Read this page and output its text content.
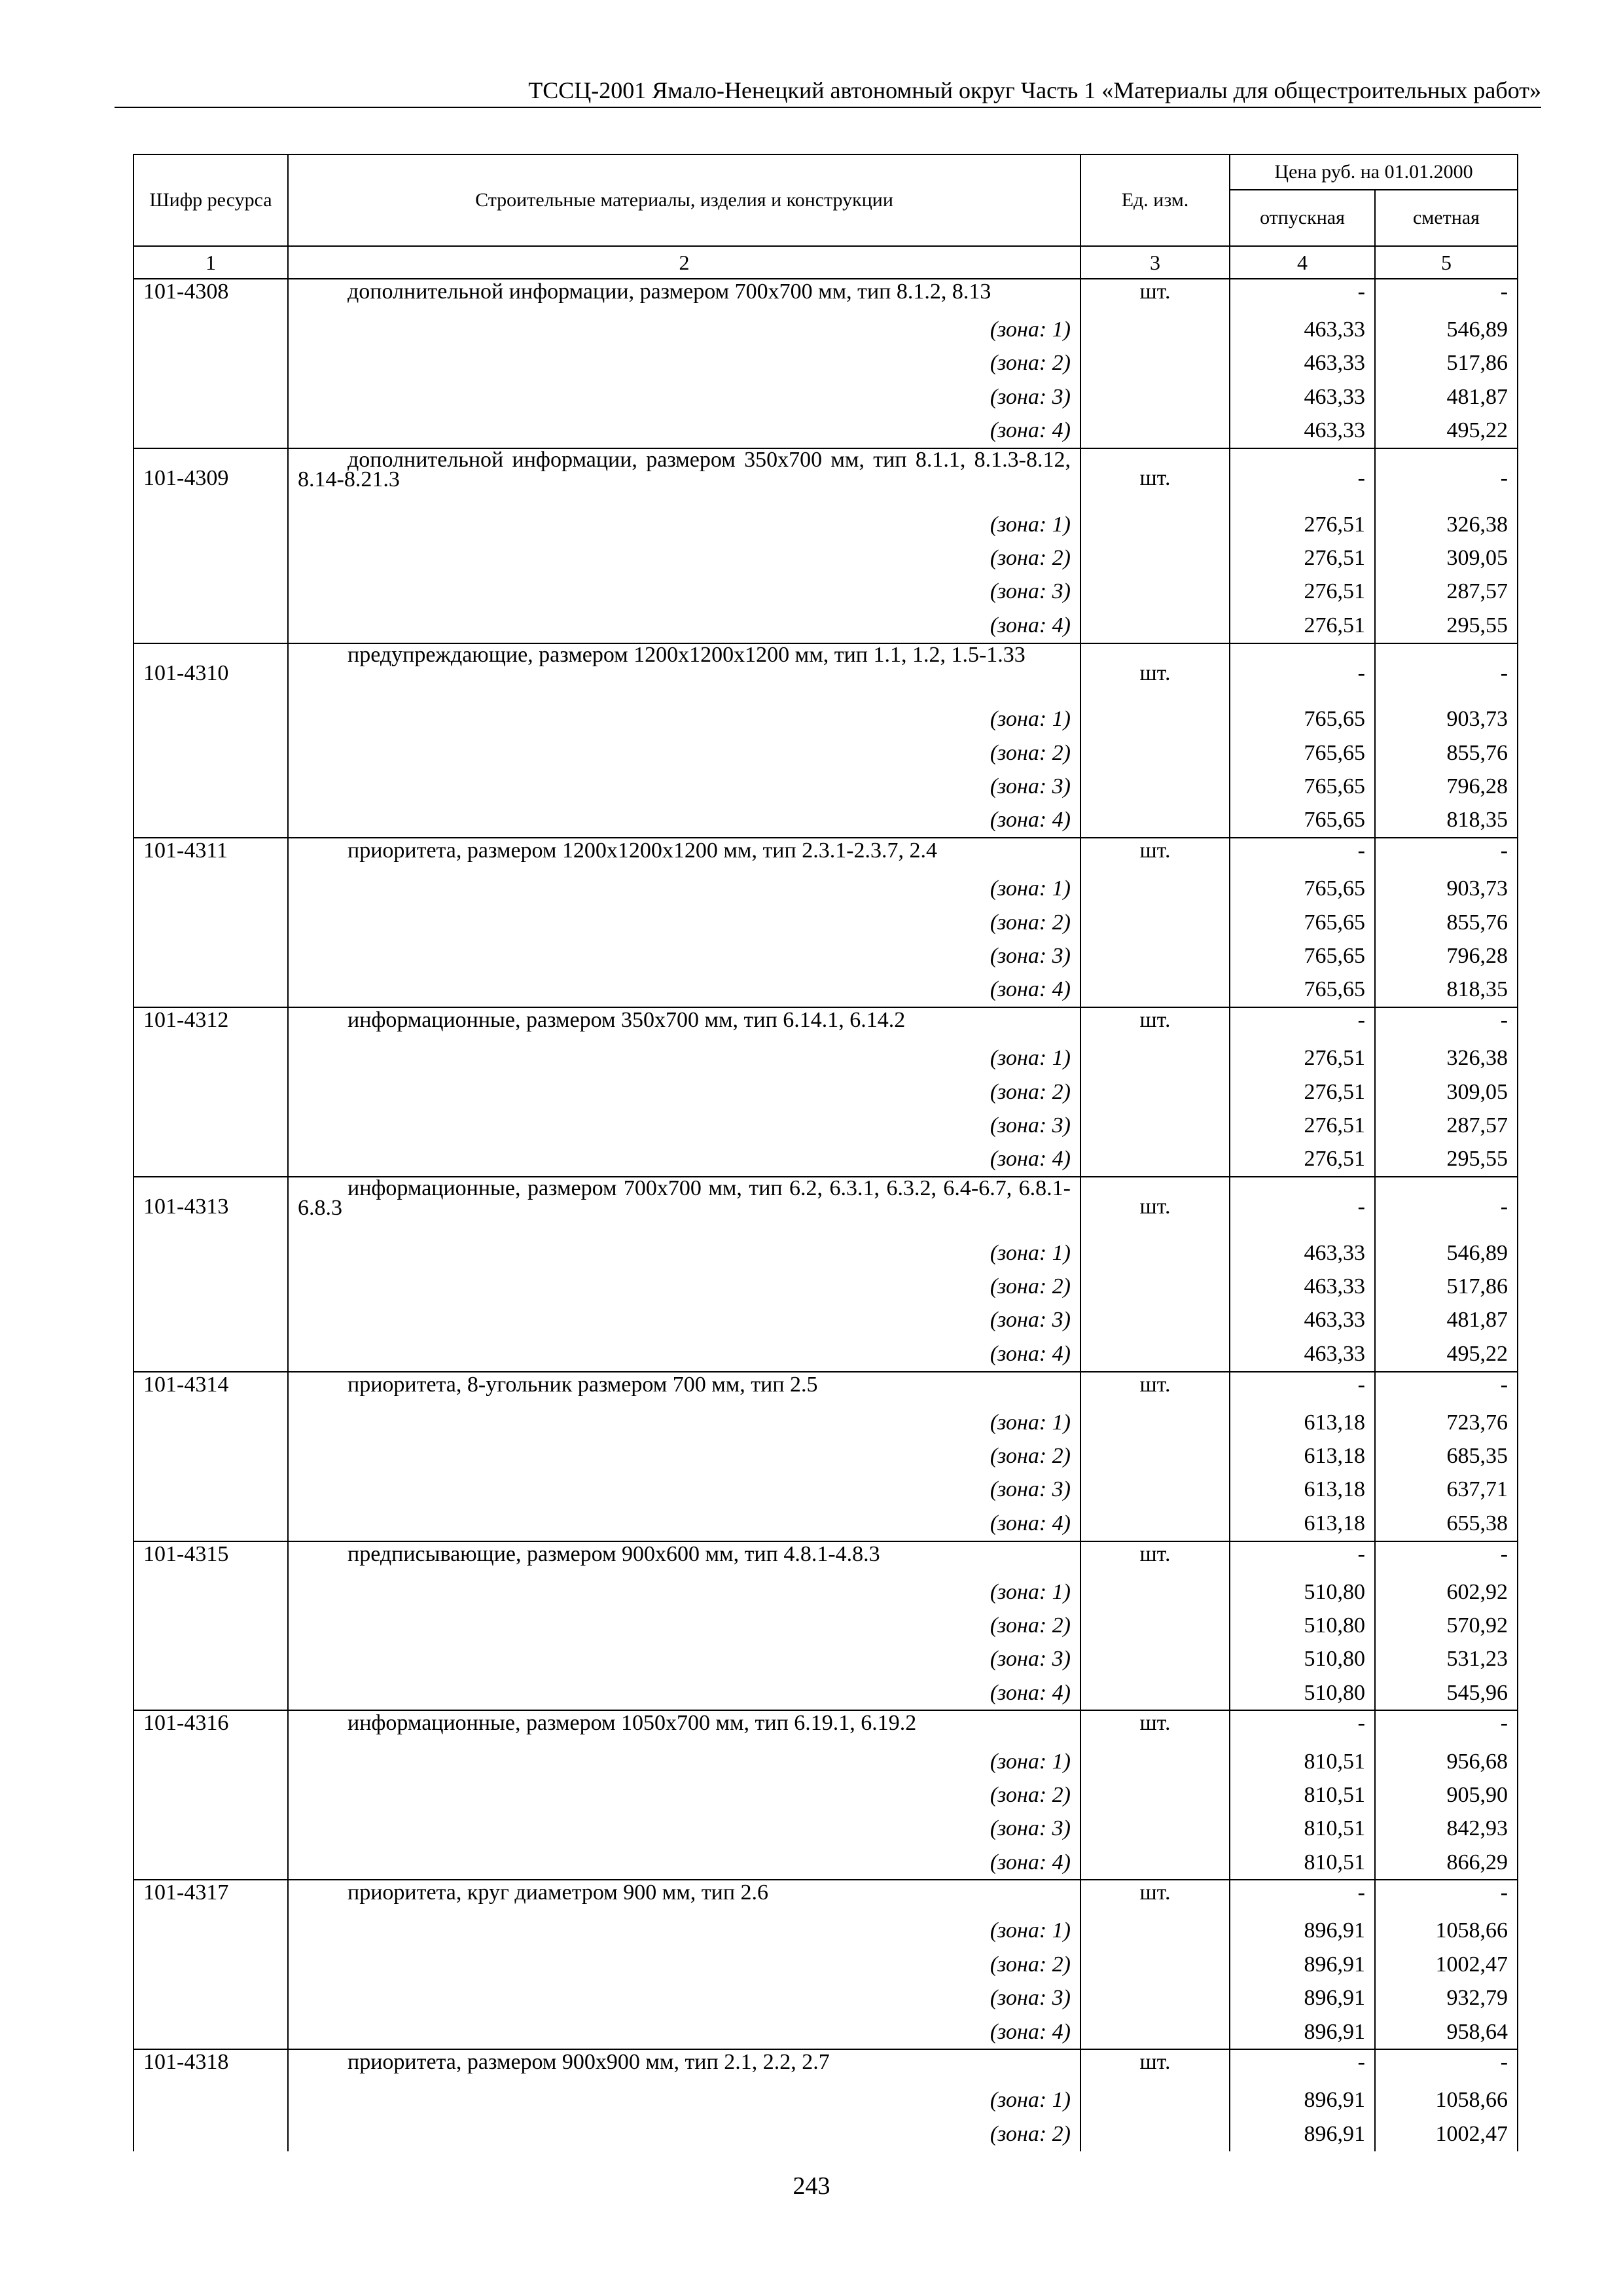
ТССЦ-2001 Ямало-Ненецкий автономный округ Часть 1 «Материалы для общестроительных работ»
Шифр ресурса	Строительные материалы, изделия и конструкции	Ед. изм.	Цена руб. на 01.01.2000	
			отпускная	сметная
1	2	3	4	5
101-4308	дополнительной информации, размером 700х700 мм, тип 8.1.2, 8.13	шт.	-	-
	(зона: 1)		463,33	546,89
	(зона: 2)		463,33	517,86
	(зона: 3)		463,33	481,87
	(зона: 4)		463,33	495,22
101-4309	дополнительной информации, размером 350х700 мм, тип 8.1.1, 8.1.3-8.12, 8.14-8.21.3	шт.	-	-
	(зона: 1)		276,51	326,38
	(зона: 2)		276,51	309,05
	(зона: 3)		276,51	287,57
	(зона: 4)		276,51	295,55
101-4310	предупреждающие, размером 1200х1200х1200 мм, тип 1.1, 1.2, 1.5-1.33	шт.	-	-
	(зона: 1)		765,65	903,73
	(зона: 2)		765,65	855,76
	(зона: 3)		765,65	796,28
	(зона: 4)		765,65	818,35
101-4311	приоритета, размером 1200х1200х1200 мм, тип 2.3.1-2.3.7, 2.4	шт.	-	-
	(зона: 1)		765,65	903,73
	(зона: 2)		765,65	855,76
	(зона: 3)		765,65	796,28
	(зона: 4)		765,65	818,35
101-4312	информационные, размером 350х700 мм, тип 6.14.1, 6.14.2	шт.	-	-
	(зона: 1)		276,51	326,38
	(зона: 2)		276,51	309,05
	(зона: 3)		276,51	287,57
	(зона: 4)		276,51	295,55
101-4313	информационные, размером 700х700 мм, тип 6.2, 6.3.1, 6.3.2, 6.4-6.7, 6.8.1-6.8.3	шт.	-	-
	(зона: 1)		463,33	546,89
	(зона: 2)		463,33	517,86
	(зона: 3)		463,33	481,87
	(зона: 4)		463,33	495,22
101-4314	приоритета, 8-угольник размером 700 мм, тип 2.5	шт.	-	-
	(зона: 1)		613,18	723,76
	(зона: 2)		613,18	685,35
	(зона: 3)		613,18	637,71
	(зона: 4)		613,18	655,38
101-4315	предписывающие, размером 900х600 мм, тип 4.8.1-4.8.3	шт.	-	-
	(зона: 1)		510,80	602,92
	(зона: 2)		510,80	570,92
	(зона: 3)		510,80	531,23
	(зона: 4)		510,80	545,96
101-4316	информационные, размером 1050х700 мм, тип 6.19.1, 6.19.2	шт.	-	-
	(зона: 1)		810,51	956,68
	(зона: 2)		810,51	905,90
	(зона: 3)		810,51	842,93
	(зона: 4)		810,51	866,29
101-4317	приоритета, круг диаметром 900 мм, тип 2.6	шт.	-	-
	(зона: 1)		896,91	1058,66
	(зона: 2)		896,91	1002,47
	(зона: 3)		896,91	932,79
	(зона: 4)		896,91	958,64
101-4318	приоритета, размером 900х900 мм, тип 2.1, 2.2, 2.7	шт.	-	-
	(зона: 1)		896,91	1058,66
	(зона: 2)		896,91	1002,47
243
